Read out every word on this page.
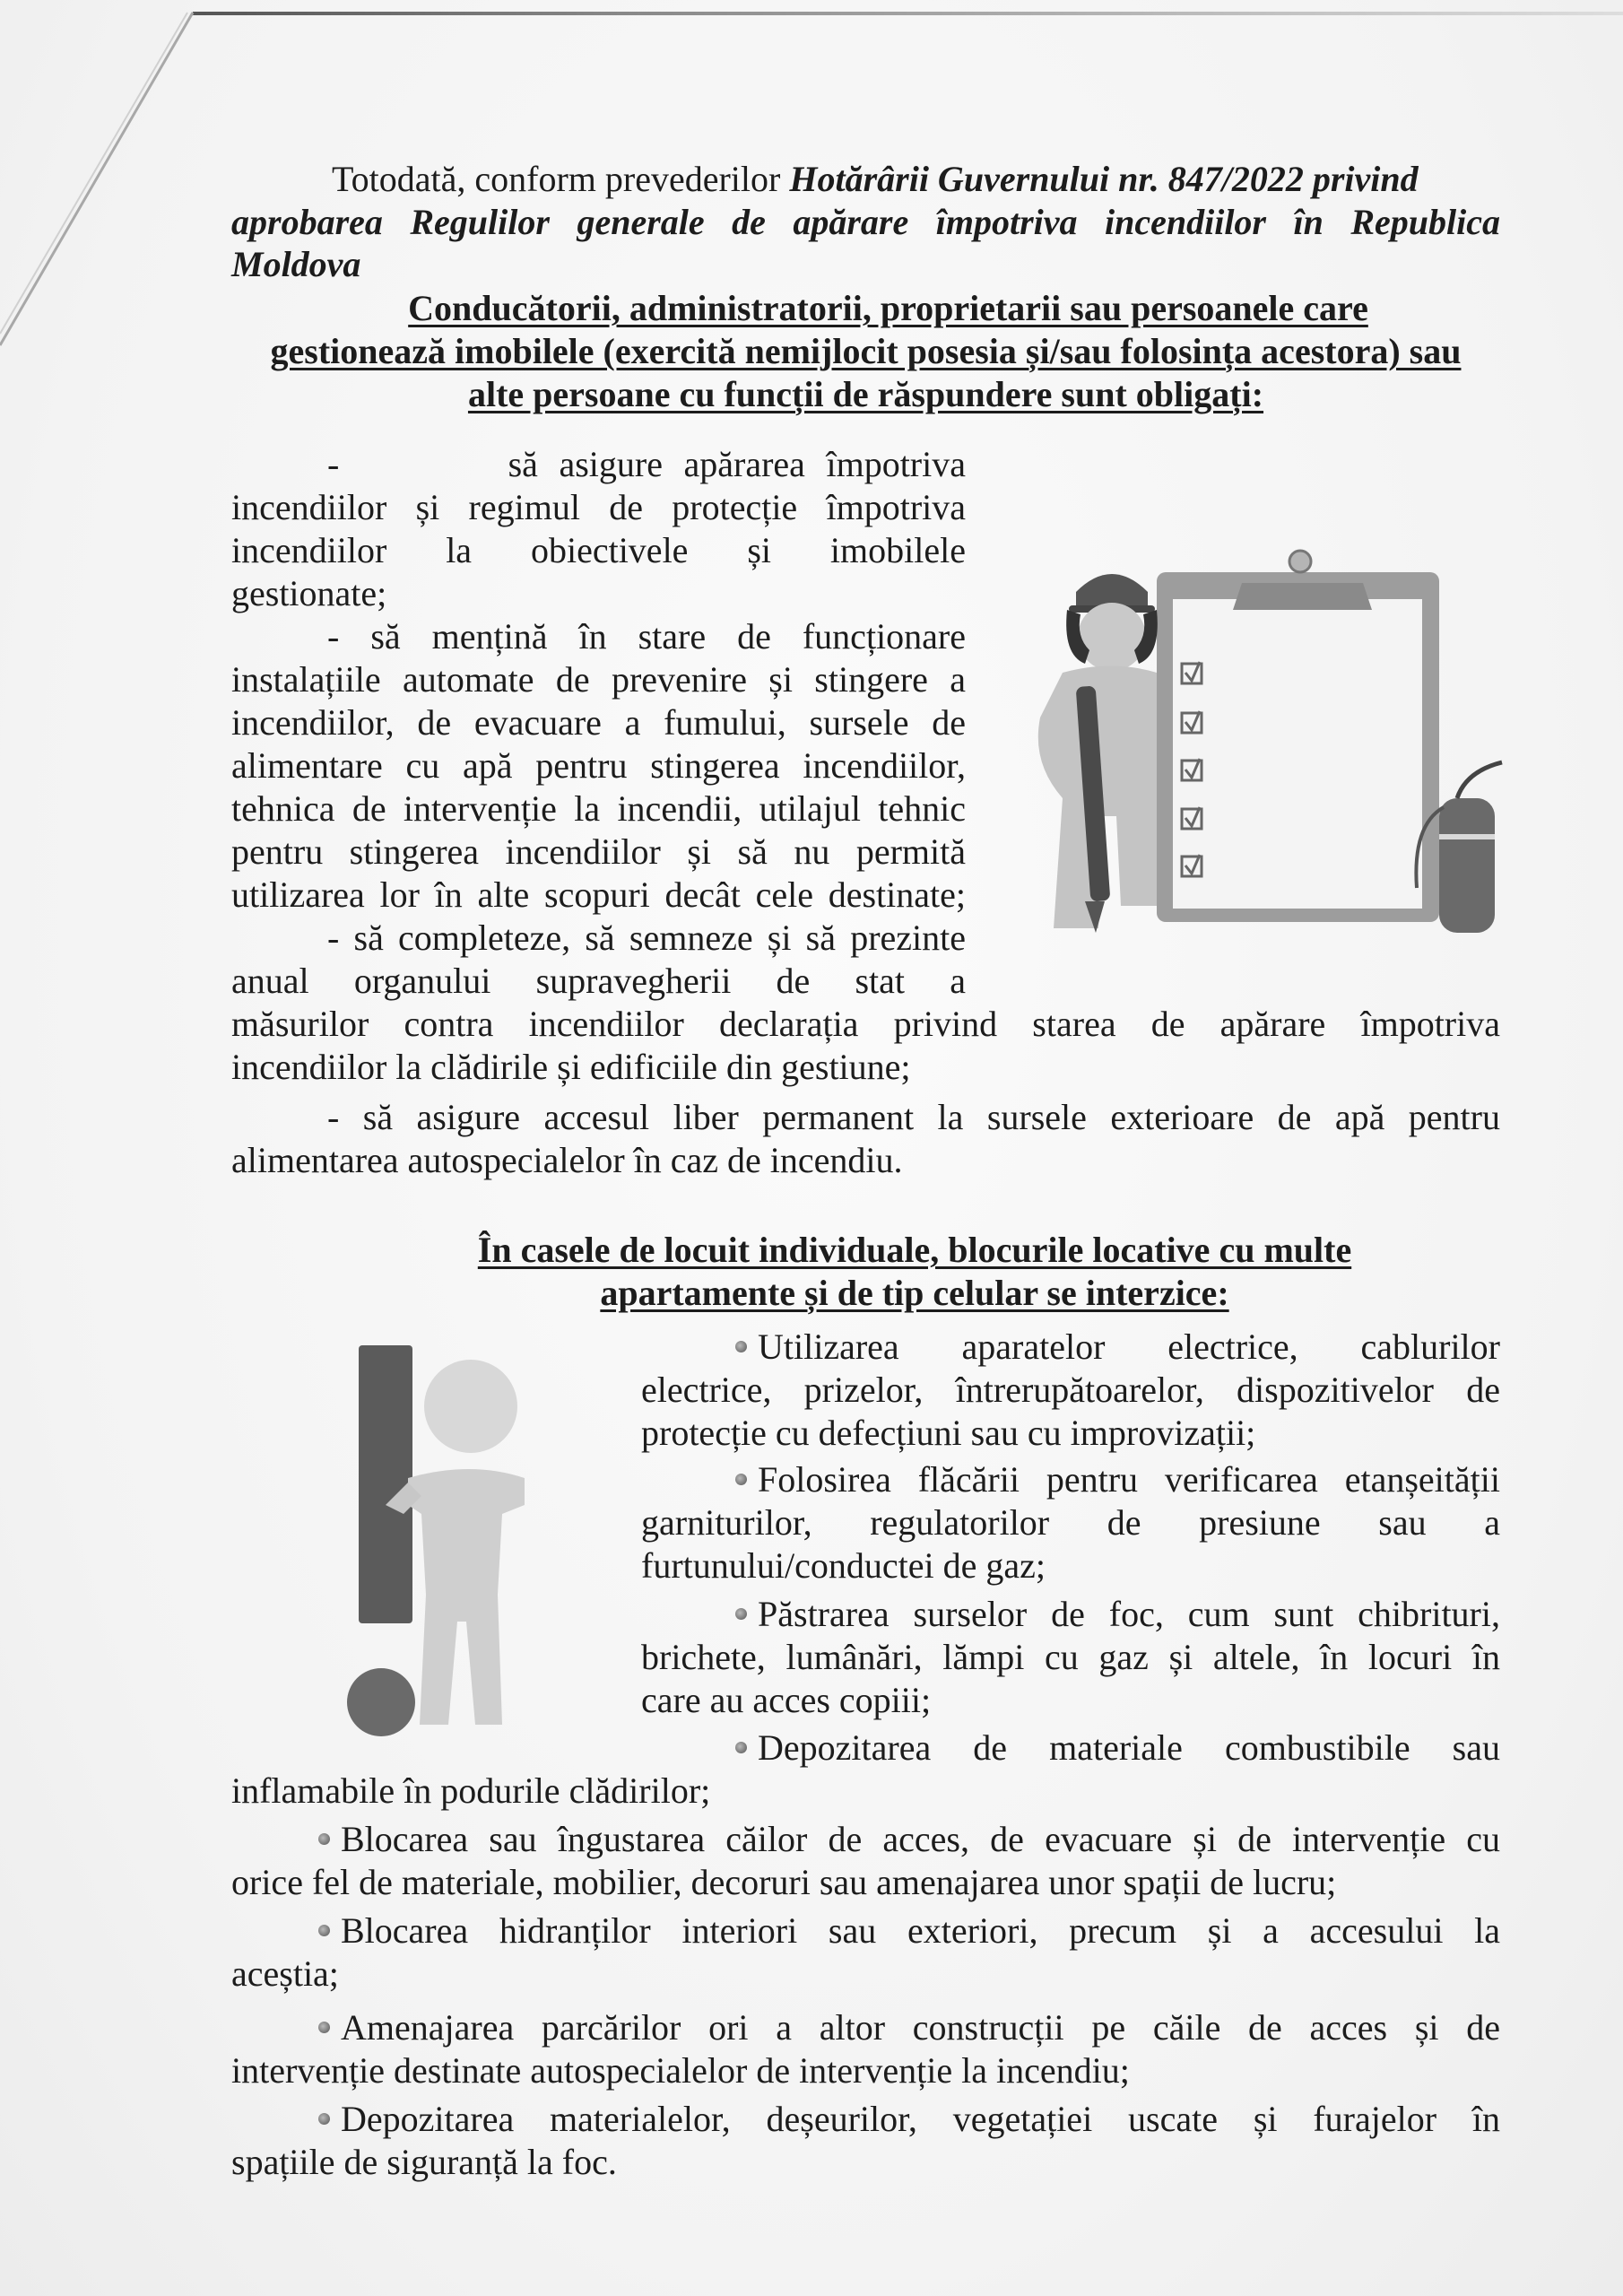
Totodată, conform prevederilor Hotărârii Guvernului nr. 847/2022 privind
aprobarea Regulilor generale de apărare împotriva incendiilor în Republica
Moldova
Conducătorii, administratorii, proprietarii sau persoanele care
gestionează imobilele (exercită nemijlocit posesia și/sau folosința acestora) sau
alte persoane cu funcții de răspundere sunt obligați:
-        să asigure apărarea împotriva
incendiilor și regimul de protecție împotriva
incendiilor la obiectivele și imobilele
gestionate;
- să mențină în stare de funcționare
instalațiile automate de prevenire și stingere a
incendiilor, de evacuare a fumului, sursele de
alimentare cu apă pentru stingerea incendiilor,
tehnica de intervenție la incendii, utilajul tehnic
pentru stingerea incendiilor și să nu permită
utilizarea lor în alte scopuri decât cele destinate;
- să completeze, să semneze și să prezinte
anual organului supravegherii de stat a
măsurilor contra incendiilor declarația privind starea de apărare împotriva
incendiilor la clădirile și edificiile din gestiune;
- să asigure accesul liber permanent la sursele exterioare de apă pentru
alimentarea autospecialelor în caz de incendiu.
În casele de locuit individuale, blocurile locative cu multe
apartamente și de tip celular se interzice:
Utilizarea aparatelor electrice, cablurilor
electrice, prizelor, întrerupătoarelor, dispozitivelor de
protecție cu defecțiuni sau cu improvizații;
Folosirea flăcării pentru verificarea etanșeității
garniturilor, regulatorilor de presiune sau a
furtunului/conductei de gaz;
Păstrarea surselor de foc, cum sunt chibrituri,
brichete, lumânări, lămpi cu gaz și altele, în locuri în
care au acces copiii;
Depozitarea de materiale combustibile sau
inflamabile în podurile clădirilor;
Blocarea sau îngustarea căilor de acces, de evacuare și de intervenție cu
orice fel de materiale, mobilier, decoruri sau amenajarea unor spații de lucru;
Blocarea hidranților interiori sau exteriori, precum și a accesului la
aceștia;
Amenajarea parcărilor ori a altor construcții pe căile de acces și de
intervenție destinate autospecialelor de intervenție la incendiu;
Depozitarea materialelor, deșeurilor, vegetației uscate și furajelor în
spațiile de siguranță la foc.
